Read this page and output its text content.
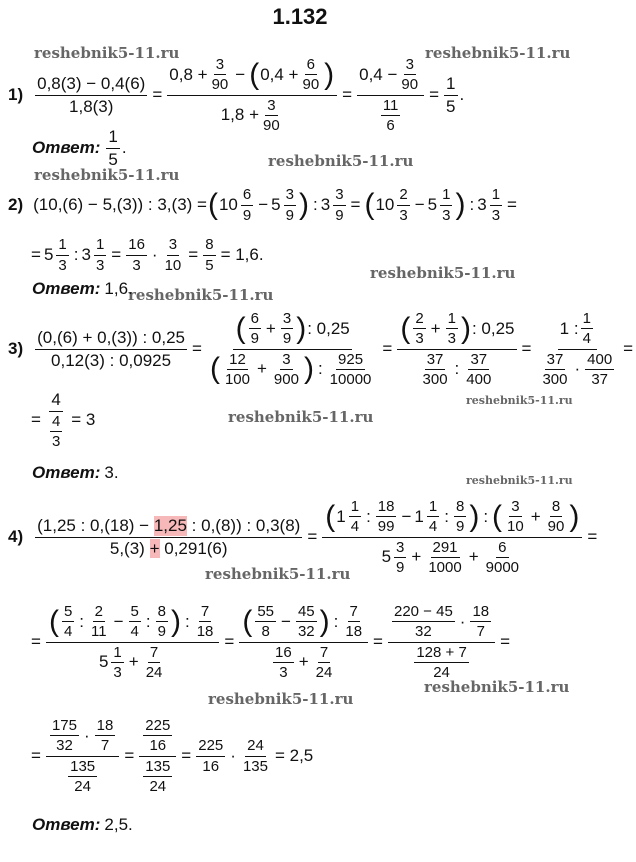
1.132
reshebnik5-11.ru	reshebnik5-11.ru
reshebnik5-11.ru
reshebnik5-11.ru
reshebnik5-11.ru
reshebnik5-11.ru
reshebnik5-11.ru
reshebnik5-11.ru
reshebnik5-11.ru
reshebnik5-11.ru
reshebnik5-11.ru
reshebnik5-11.ru
$1) \frac{0,8(3) - 0,4(6)}{1,8(3)}$ =
$0,8 + \frac{3}{90}$ − ( $0,4 + \frac{6}{90}$ )
$1,8 + \frac{3}{90}$
= $\frac{0,4 - \frac{3}{90}}{\frac{11}{6}} = \frac{1}{5}$ .
Ответ: $\frac{1}{5}$ .
2) (10,(6) − 5,(3)) : 3,(3) = ( $10 \frac{6}{9} - 5 \frac{3}{9}$ ) : $3 \frac{3}{9}$ = ( $10 \frac{2}{3} - 5 \frac{1}{3}$ ) : $3 \frac{1}{3}$ =
= $5 \frac{1}{3}$ : $3 \frac{1}{3} = \frac{16}{3} \cdot \frac{3}{10} = \frac{8}{5} = 1,6$.
Ответ: 1,6.
$3) \frac{(0,(6) + 0,(3)) : 0,25}{0,12(3) : 0,0925}$ =
( $\frac{6}{9} + \frac{3}{9}$ ) : 0,25
( $\frac{12}{100} + \frac{3}{900}$ ) : $\frac{925}{10000}$
= $\frac{( \frac{2}{3} + \frac{1}{3} ) : 0,25}{\frac{37}{300} : \frac{37}{400}} = \frac{1 : \frac{1}{4}}{\frac{37}{300} \cdot \frac{400}{37}}$ =
= $\frac{4}{\frac{4}{3}} = 3$
Ответ: 3.
4) (1,25 : 0,(18) −
1,25
: 0,(8)) : 0,3(8)
5,(3)
+
0,291(6) =
( $1 \frac{1}{4}$ : $\frac{18}{99} - 1 \frac{1}{4}$ : $\frac{8}{9}$ ) : ( $\frac{3}{10} + \frac{8}{90}$ )
$5 \frac{3}{9} + \frac{291}{1000} + \frac{6}{9000}$
=
=
( $\frac{5}{4}$ : $\frac{2}{11} - \frac{5}{4}$ : $\frac{8}{9}$ ) : $\frac{7}{18}$
$5 \frac{1}{3} + \frac{7}{24}$
=
( $\frac{55}{8} - \frac{45}{32}$ ) : $\frac{7}{18}$
$\frac{16}{3} + \frac{7}{24}$
= $\frac{\frac{220 - 45}{32} \cdot \frac{18}{7}}{\frac{128 + 7}{24}}$ =
= $\frac{\frac{175}{32} \cdot \frac{18}{7}}{\frac{135}{24}} = \frac{\frac{225}{16}}{\frac{135}{24}} = \frac{225}{16} \cdot \frac{24}{135} = 2,5$
Ответ: 2,5.
